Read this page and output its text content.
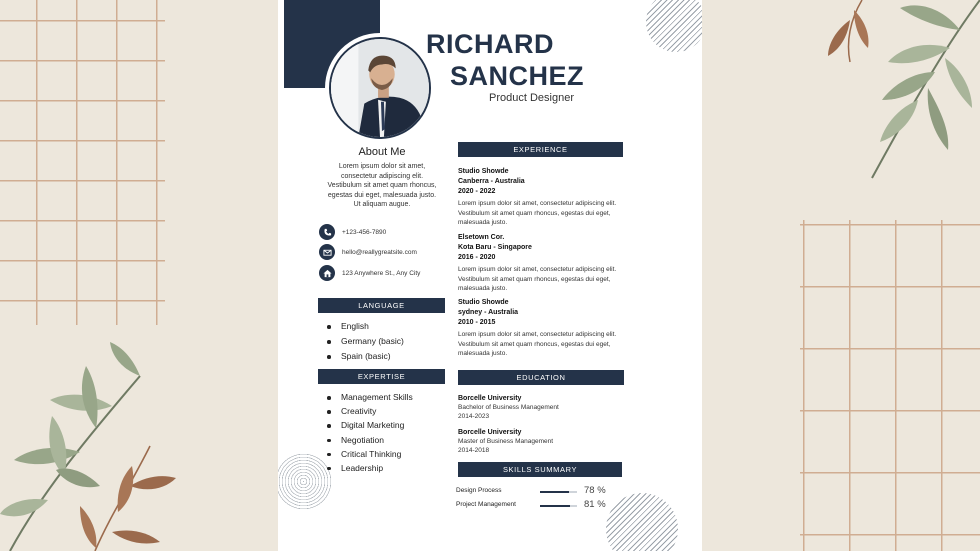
RICHARD
SANCHEZ
Product Designer
About Me
Lorem ipsum dolor sit amet, consectetur adipiscing elit. Vestibulum sit amet quam rhoncus, egestas dui eget, malesuada justo. Ut aliquam augue.
+123-456-7890
hello@reallygreatsite.com
123 Anywhere St., Any City
LANGUAGE
English
Germany (basic)
Spain (basic)
EXPERTISE
Management Skills
Creativity
Digital Marketing
Negotiation
Critical Thinking
Leadership
EXPERIENCE
Studio Showde
Canberra - Australia
2020 - 2022
Lorem ipsum dolor sit amet, consectetur adipiscing elit. Vestibulum sit amet quam rhoncus, egestas dui eget, malesuada justo.
Elsetown Cor.
Kota Baru - Singapore
2016 - 2020
Lorem ipsum dolor sit amet, consectetur adipiscing elit. Vestibulum sit amet quam rhoncus, egestas dui eget, malesuada justo.
Studio Showde
sydney - Australia
2010 - 2015
Lorem ipsum dolor sit amet, consectetur adipiscing elit. Vestibulum sit amet quam rhoncus, egestas dui eget, malesuada justo.
EDUCATION
Borcelle University
Bachelor of Business Management
2014-2023
Borcelle University
Master of Business Management
2014-2018
SKILLS SUMMARY
Design Process	78 %
Project Management	81 %
